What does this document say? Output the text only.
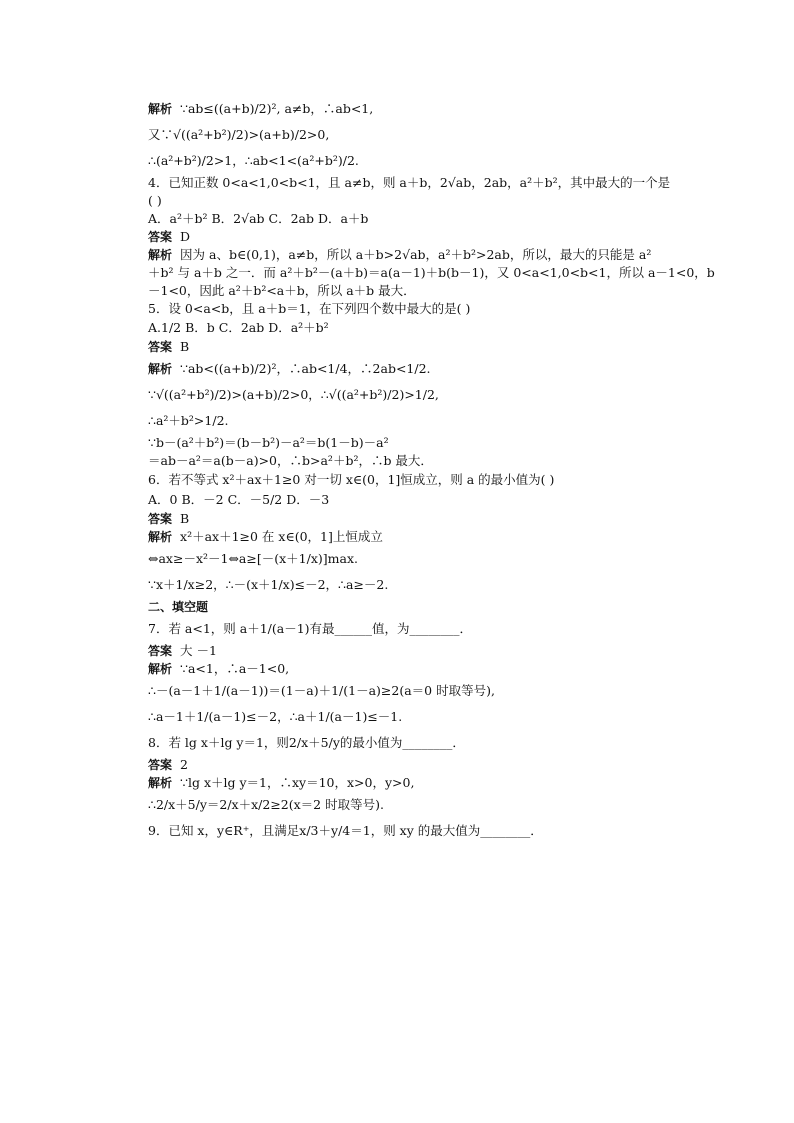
解析 ∵ab≤((a+b)/2)², a≠b，∴ab<1,
又∵√((a²+b²)/2)>(a+b)/2>0,
∴(a²+b²)/2>1，∴ab<1<(a²+b²)/2.
4．已知正数 0<a<1,0<b<1，且 a≠b，则 a＋b，2√ab，2ab，a²＋b²，其中最大的一个是
( )
A．a²＋b² B．2√ab C．2ab D．a＋b
答案 D
解析 因为 a、b∈(0,1)，a≠b，所以 a＋b>2√ab，a²＋b²>2ab，所以，最大的只能是 a²
＋b² 与 a＋b 之一．而 a²＋b²－(a＋b)＝a(a－1)＋b(b－1)，又 0<a<1,0<b<1，所以 a－1<0，b
－1<0，因此 a²＋b²<a＋b，所以 a＋b 最大．
5．设 0<a<b，且 a＋b＝1，在下列四个数中最大的是( )
A.1/2 B．b C．2ab D．a²＋b²
答案 B
解析 ∵ab<((a+b)/2)²，∴ab<1/4，∴2ab<1/2.
∵√((a²+b²)/2)>(a+b)/2>0，∴√((a²+b²)/2)>1/2,
∴a²＋b²>1/2.
∵b－(a²＋b²)＝(b－b²)－a²＝b(1－b)－a²
＝ab－a²＝a(b－a)>0，∴b>a²＋b²，∴b 最大．
6．若不等式 x²＋ax＋1≥0 对一切 x∈(0，1]恒成立，则 a 的最小值为( )
A．0 B．－2 C．－5/2 D．－3
答案 B
解析 x²＋ax＋1≥0 在 x∈(0，1]上恒成立
⇔ax≥－x²－1⇔a≥[－(x＋1/x)]max.
∵x＋1/x≥2，∴－(x＋1/x)≤－2，∴a≥－2.
二、填空题
7．若 a<1，则 a＋1/(a－1)有最______值，为________．
答案 大 －1
解析 ∵a<1，∴a－1<0,
∴－(a－1＋1/(a－1))＝(1－a)＋1/(1－a)≥2(a＝0 时取等号),
∴a－1＋1/(a－1)≤－2，∴a＋1/(a－1)≤－1.
8．若 lg x＋lg y＝1，则2/x＋5/y的最小值为________．
答案 2
解析 ∵lg x＋lg y＝1，∴xy＝10，x>0，y>0,
∴2/x＋5/y＝2/x＋x/2≥2(x＝2 时取等号).
9．已知 x，y∈R⁺，且满足x/3＋y/4＝1，则 xy 的最大值为________．
